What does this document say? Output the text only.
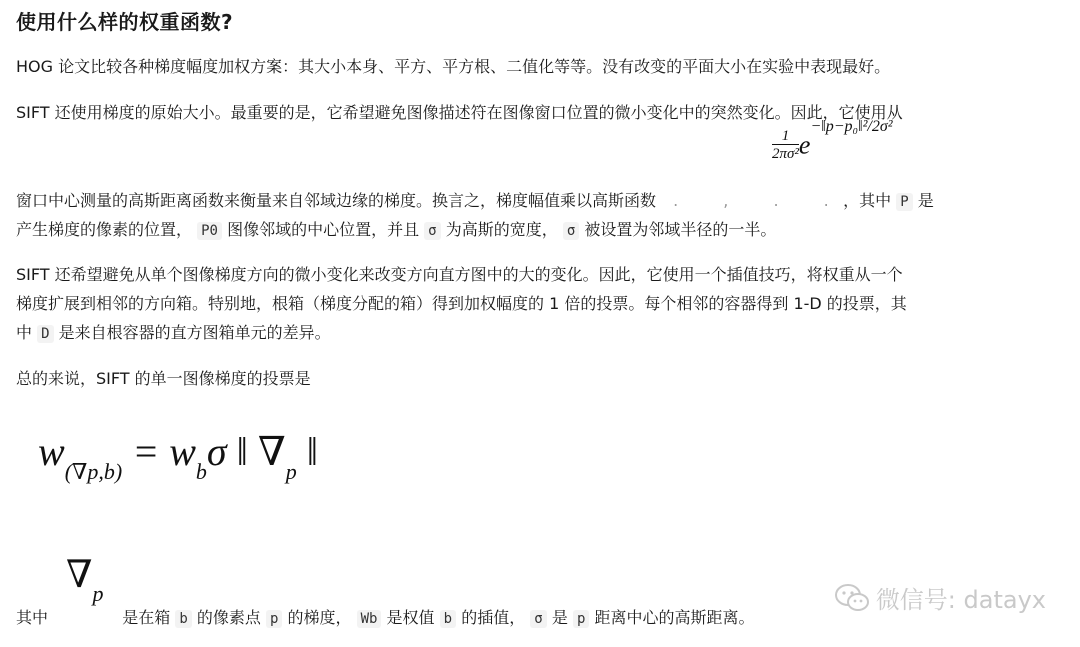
使用什么样的权重函数?
HOG 论文比较各种梯度幅度加权方案：其大小本身、平方、平方根、二值化等等。没有改变的平面大小在实验中表现最好。
SIFT 还使用梯度的原始大小。最重要的是，它希望避免图像描述符在图像窗口位置的微小变化中的突然变化。因此，它使用从
$\frac{1}{\text{2πσ²}}$ e−‖p−p₀‖²/2σ²
窗口中心测量的高斯距离函数来衡量来自邻域边缘的梯度。换言之，梯度幅值乘以高斯函数 . , . .，其中 P 是
产生梯度的像素的位置， P0 图像邻域的中心位置，并且 σ 为高斯的宽度， σ 被设置为邻域半径的一半。
SIFT 还希望避免从单个图像梯度方向的微小变化来改变方向直方图中的大的变化。因此，它使用一个插值技巧，将权重从一个
梯度扩展到相邻的方向箱。特别地，根箱（梯度分配的箱）得到加权幅度的 1 倍的投票。每个相邻的容器得到 1-D 的投票，其
中 D 是来自根容器的直方图箱单元的差异。
总的来说，SIFT 的单一图像梯度的投票是
$w_{(\nabla p,b)} = w_b\sigma$ ‖ $\nabla_p$ ‖
$\nabla_p$
其中	是在箱 b 的像素点 p 的梯度， Wb 是权值 b 的插值， σ 是 p 距离中心的高斯距离。
微信号: datayx
